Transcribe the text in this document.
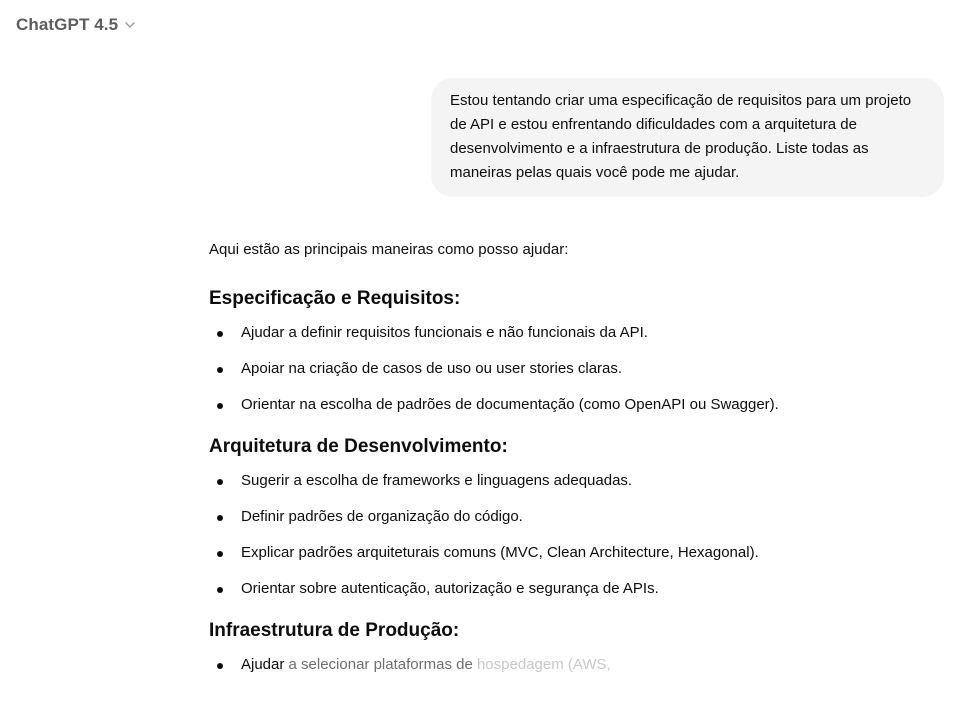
ChatGPT 4.5
Estou tentando criar uma especificação de requisitos para um projeto de API e estou enfrentando dificuldades com a arquitetura de desenvolvimento e a infraestrutura de produção. Liste todas as maneiras pelas quais você pode me ajudar.

Aqui estão as principais maneiras como posso ajudar:

Especificação e Requisitos:
Ajudar a definir requisitos funcionais e não funcionais da API.
Apoiar na criação de casos de uso ou user stories claras.
Orientar na escolha de padrões de documentação (como OpenAPI ou Swagger).
Arquitetura de Desenvolvimento:
Sugerir a escolha de frameworks e linguagens adequadas.
Definir padrões de organização do código.
Explicar padrões arquiteturais comuns (MVC, Clean Architecture, Hexagonal).
Orientar sobre autenticação, autorização e segurança de APIs.
Infraestrutura de Produção:
Ajudar a selecionar plataformas de hospedagem (AWS,
